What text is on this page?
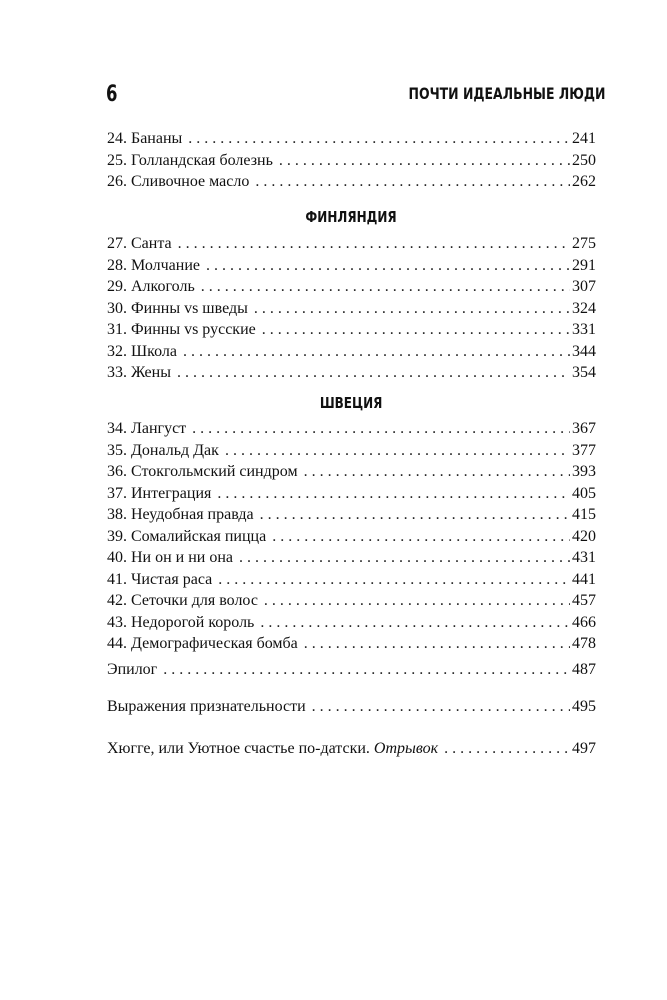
6	ПОЧТИ ИДЕАЛЬНЫЕ ЛЮДИ
24. Бананы . . .	241
25. Голландская болезнь . . .	250
26. Сливочное масло . . .	262
ФИНЛЯНДИЯ
27. Санта . . .	275
28. Молчание . . .	291
29. Алкоголь . . .	307
30. Финны vs шведы . . .	324
31. Финны vs русские . . .	331
32. Школа . . .	344
33. Жены . . .	354
ШВЕЦИЯ
34. Лангуст . . .	367
35. Дональд Дак . . .	377
36. Стокгольмский синдром . . .	393
37. Интеграция . . .	405
38. Неудобная правда . . .	415
39. Сомалийская пицца . . .	420
40. Ни он и ни она . . .	431
41. Чистая раса . . .	441
42. Сеточки для волос . . .	457
43. Недорогой король . . .	466
44. Демографическая бомба . . .	478
Эпилог . . .	487
Выражения признательности . . .	495
Хюгге, или Уютное счастье по-датски. Отрывок . . .	497
